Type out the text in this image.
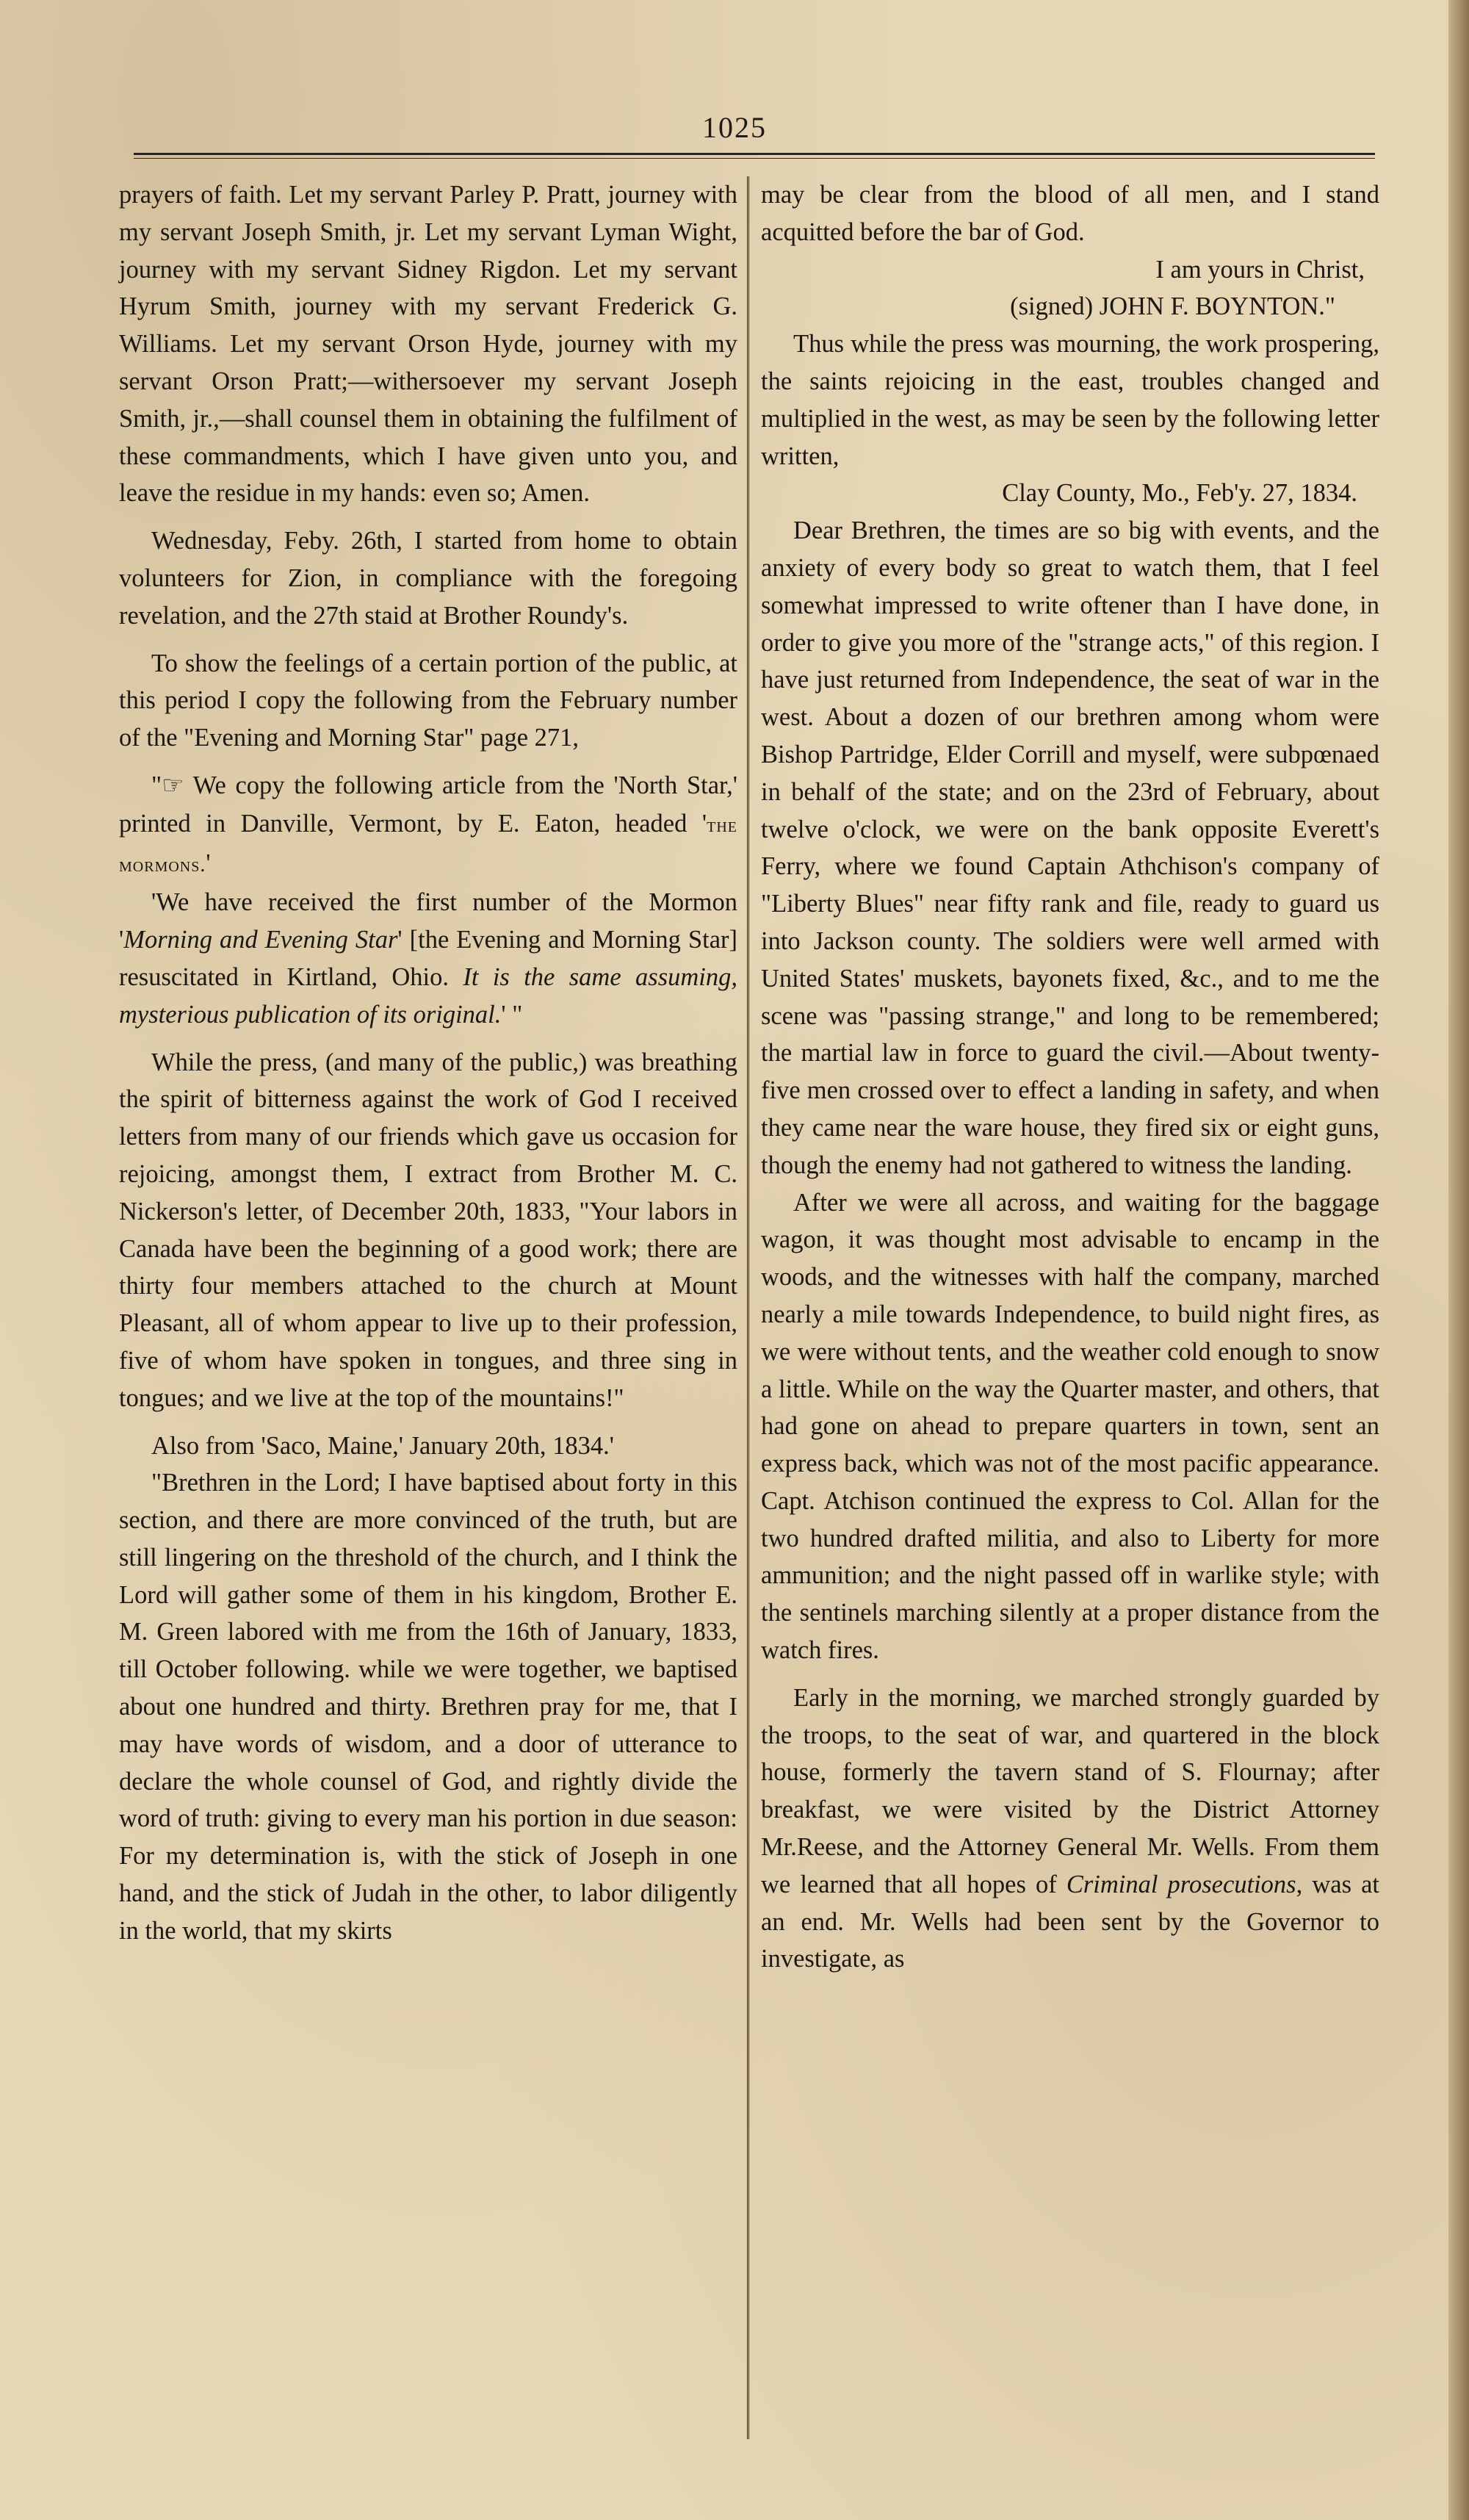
1025

prayers of faith. Let my servant Parley P. Pratt, journey with my servant Joseph Smith, jr. Let my servant Lyman Wight, journey with my servant Sidney Rigdon. Let my servant Hyrum Smith, journey with my servant Frederick G. Williams. Let my servant Orson Hyde, journey with my servant Orson Pratt;—withersoever my servant Joseph Smith, jr.,—shall counsel them in obtaining the fulfilment of these commandments, which I have given unto you, and leave the residue in my hands: even so; Amen.

Wednesday, Feby. 26th, I started from home to obtain volunteers for Zion, in compliance with the foregoing revelation, and the 27th staid at Brother Roundy's.

To show the feelings of a certain portion of the public, at this period I copy the following from the February number of the "Evening and Morning Star" page 271,

"☞ We copy the following article from the 'North Star,' printed in Danville, Vermont, by E. Eaton, headed 'the mormons.'

'We have received the first number of the Mormon 'Morning and Evening Star' [the Evening and Morning Star] resuscitated in Kirtland, Ohio. It is the same assuming, mysterious publication of its original.' "

While the press, (and many of the public,) was breathing the spirit of bitterness against the work of God I received letters from many of our friends which gave us occasion for rejoicing, amongst them, I extract from Brother M. C. Nickerson's letter, of December 20th, 1833, "Your labors in Canada have been the beginning of a good work; there are thirty four members attached to the church at Mount Pleasant, all of whom appear to live up to their profession, five of whom have spoken in tongues, and three sing in tongues; and we live at the top of the mountains!"

Also from 'Saco, Maine,' January 20th, 1834.'

"Brethren in the Lord; I have baptised about forty in this section, and there are more convinced of the truth, but are still lingering on the threshold of the church, and I think the Lord will gather some of them in his kingdom, Brother E. M. Green labored with me from the 16th of January, 1833, till October following. while we were together, we baptised about one hundred and thirty. Brethren pray for me, that I may have words of wisdom, and a door of utterance to declare the whole counsel of God, and rightly divide the word of truth: giving to every man his portion in due season: For my determination is, with the stick of Joseph in one hand, and the stick of Judah in the other, to labor diligently in the world, that my skirts

may be clear from the blood of all men, and I stand acquitted before the bar of God.

I am yours in Christ,

(signed) JOHN F. BOYNTON."

Thus while the press was mourning, the work prospering, the saints rejoicing in the east, troubles changed and multiplied in the west, as may be seen by the following letter written,

Clay County, Mo., Feb'y. 27, 1834.

Dear Brethren, the times are so big with events, and the anxiety of every body so great to watch them, that I feel somewhat impressed to write oftener than I have done, in order to give you more of the "strange acts," of this region. I have just returned from Independence, the seat of war in the west. About a dozen of our brethren among whom were Bishop Partridge, Elder Corrill and myself, were subpœnaed in behalf of the state; and on the 23rd of February, about twelve o'clock, we were on the bank opposite Everett's Ferry, where we found Captain Athchison's company of "Liberty Blues" near fifty rank and file, ready to guard us into Jackson county. The soldiers were well armed with United States' muskets, bayonets fixed, &c., and to me the scene was "passing strange," and long to be remembered; the martial law in force to guard the civil.—About twenty-five men crossed over to effect a landing in safety, and when they came near the ware house, they fired six or eight guns, though the enemy had not gathered to witness the landing.

After we were all across, and waiting for the baggage wagon, it was thought most advisable to encamp in the woods, and the witnesses with half the company, marched nearly a mile towards Independence, to build night fires, as we were without tents, and the weather cold enough to snow a little. While on the way the Quarter master, and others, that had gone on ahead to prepare quarters in town, sent an express back, which was not of the most pacific appearance. Capt. Atchison continued the express to Col. Allan for the two hundred drafted militia, and also to Liberty for more ammunition; and the night passed off in warlike style; with the sentinels marching silently at a proper distance from the watch fires.

Early in the morning, we marched strongly guarded by the troops, to the seat of war, and quartered in the block house, formerly the tavern stand of S. Flournay; after breakfast, we were visited by the District Attorney Mr.Reese, and the Attorney General Mr. Wells. From them we learned that all hopes of Criminal prosecutions, was at an end. Mr. Wells had been sent by the Governor to investigate, as
